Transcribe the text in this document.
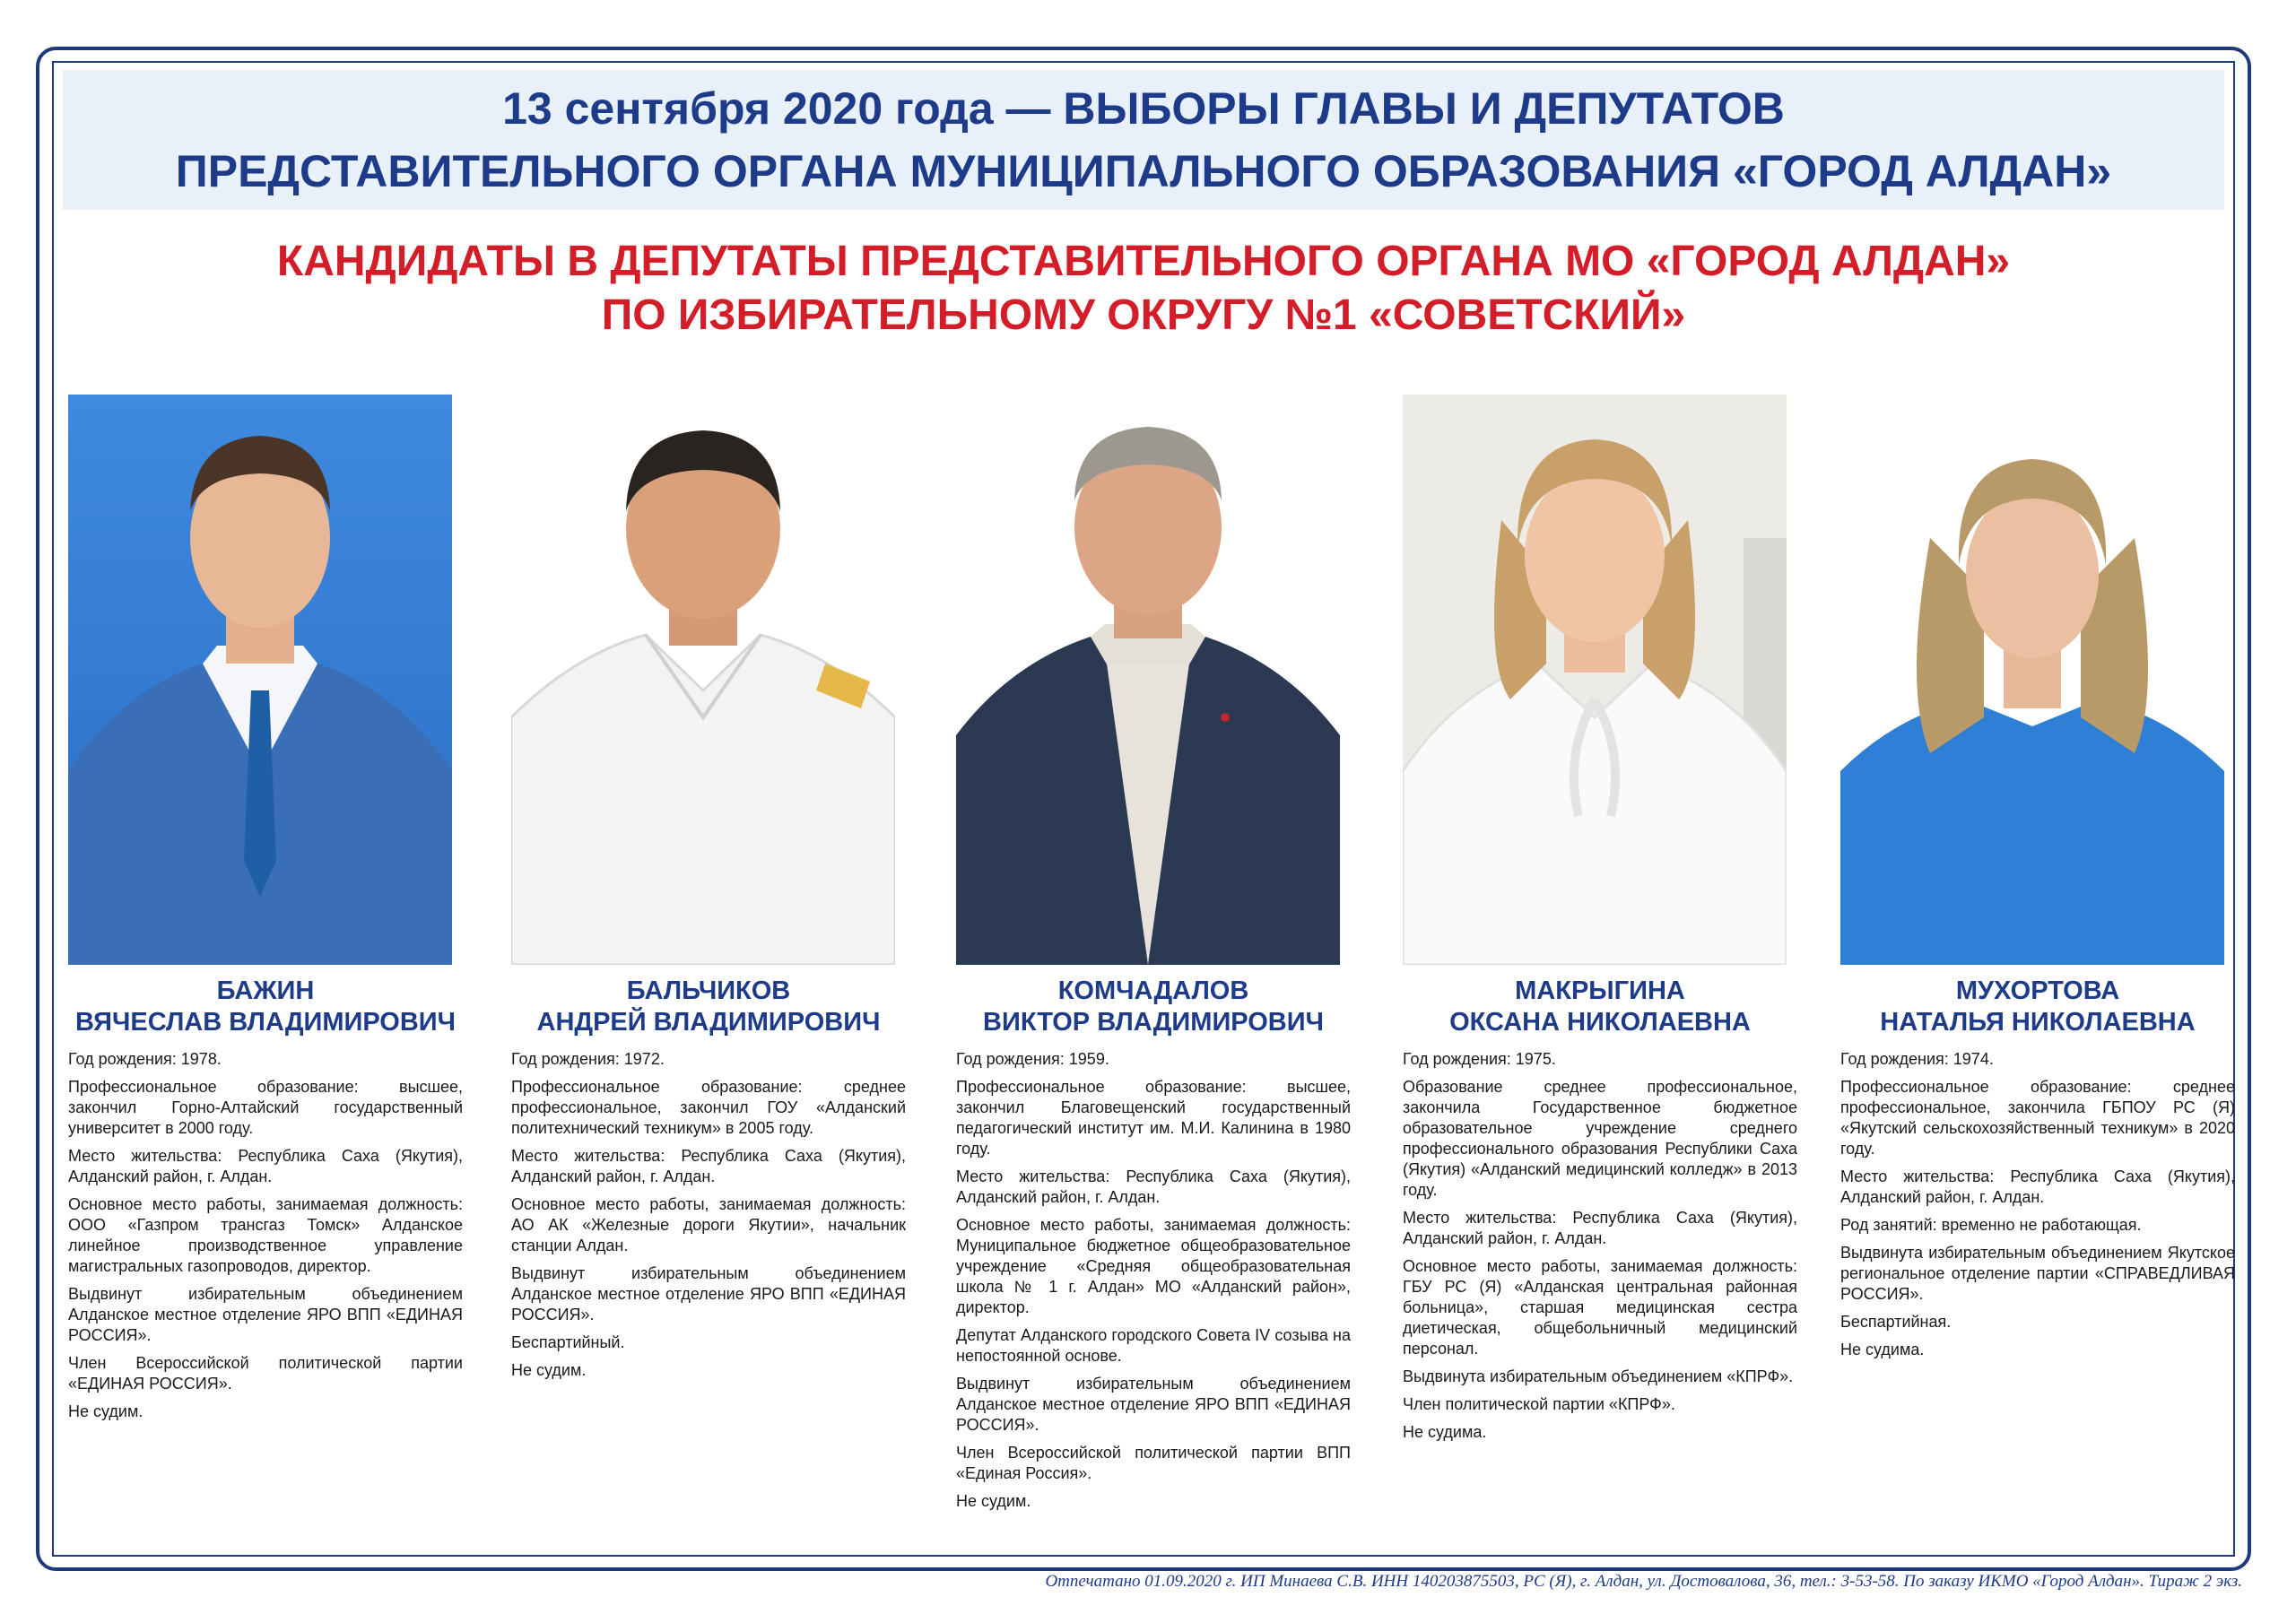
13 сентября 2020 года — ВЫБОРЫ ГЛАВЫ И ДЕПУТАТОВ
ПРЕДСТАВИТЕЛЬНОГО ОРГАНА МУНИЦИПАЛЬНОГО ОБРАЗОВАНИЯ «ГОРОД АЛДАН»
КАНДИДАТЫ В ДЕПУТАТЫ ПРЕДСТАВИТЕЛЬНОГО ОРГАНА МО «ГОРОД АЛДАН»
ПО ИЗБИРАТЕЛЬНОМУ ОКРУГУ №1 «СОВЕТСКИЙ»
БАЖИН
ВЯЧЕСЛАВ ВЛАДИМИРОВИЧ

Год рождения: 1978.

Профессиональное образование: высшее, закончил Горно-Алтайский государственный университет в 2000 году.

Место жительства: Республика Саха (Якутия), Алданский район, г. Алдан.

Основное место работы, занимаемая должность: ООО «Газпром трансгаз Томск» Алданское линейное производственное управление магистральных газопроводов, директор.

Выдвинут избирательным объединением Алданское местное отделение ЯРО ВПП «ЕДИНАЯ РОССИЯ».

Член Всероссийской политической партии «ЕДИНАЯ РОССИЯ».

Не судим.

БАЛЬЧИКОВ
АНДРЕЙ ВЛАДИМИРОВИЧ

Год рождения: 1972.

Профессиональное образование: среднее профессиональное, закончил ГОУ «Алданский политехнический техникум» в 2005 году.

Место жительства: Республика Саха (Якутия), Алданский район, г. Алдан.

Основное место работы, занимаемая должность: АО АК «Железные дороги Якутии», начальник станции Алдан.

Выдвинут избирательным объединением Алданское местное отделение ЯРО ВПП «ЕДИНАЯ РОССИЯ».

Беспартийный.

Не судим.

КОМЧАДАЛОВ
ВИКТОР ВЛАДИМИРОВИЧ

Год рождения: 1959.

Профессиональное образование: высшее, закончил Благовещенский государственный педагогический институт им. М.И. Калинина в 1980 году.

Место жительства: Республика Саха (Якутия), Алданский район, г. Алдан.

Основное место работы, занимаемая должность: Муниципальное бюджетное общеобразовательное учреждение «Средняя общеобразовательная школа № 1 г. Алдан» МО «Алданский район», директор.

Депутат Алданского городского Совета IV созыва на непостоянной основе.

Выдвинут избирательным объединением Алданское местное отделение ЯРО ВПП «ЕДИНАЯ РОССИЯ».

Член Всероссийской политической партии ВПП «Единая Россия».

Не судим.

МАКРЫГИНА
ОКСАНА НИКОЛАЕВНА

Год рождения: 1975.

Образование среднее профессиональное, закончила Государственное бюджетное образовательное учреждение среднего профессионального образования Республики Саха (Якутия) «Алданский медицинский колледж» в 2013 году.

Место жительства: Республика Саха (Якутия), Алданский район, г. Алдан.

Основное место работы, занимаемая должность: ГБУ РС (Я) «Алданская центральная районная больница», старшая медицинская сестра диетическая, общебольничный медицинский персонал.

Выдвинута избирательным объединением «КПРФ».

Член политической партии «КПРФ».

Не судима.

МУХОРТОВА
НАТАЛЬЯ НИКОЛАЕВНА

Год рождения: 1974.

Профессиональное образование: среднее профессиональное, закончила ГБПОУ РС (Я) «Якутский сельскохозяйственный техникум» в 2020 году.

Место жительства: Республика Саха (Якутия), Алданский район, г. Алдан.

Род занятий: временно не работающая.

Выдвинута избирательным объединением Якутское региональное отделение партии «СПРАВЕДЛИВАЯ РОССИЯ».

Беспартийная.

Не судима.

Отпечатано 01.09.2020 г. ИП Минаева С.В. ИНН 140203875503, РС (Я), г. Алдан, ул. Достовалова, 36, тел.: 3-53-58. По заказу ИКМО «Город Алдан». Тираж 2 экз.
